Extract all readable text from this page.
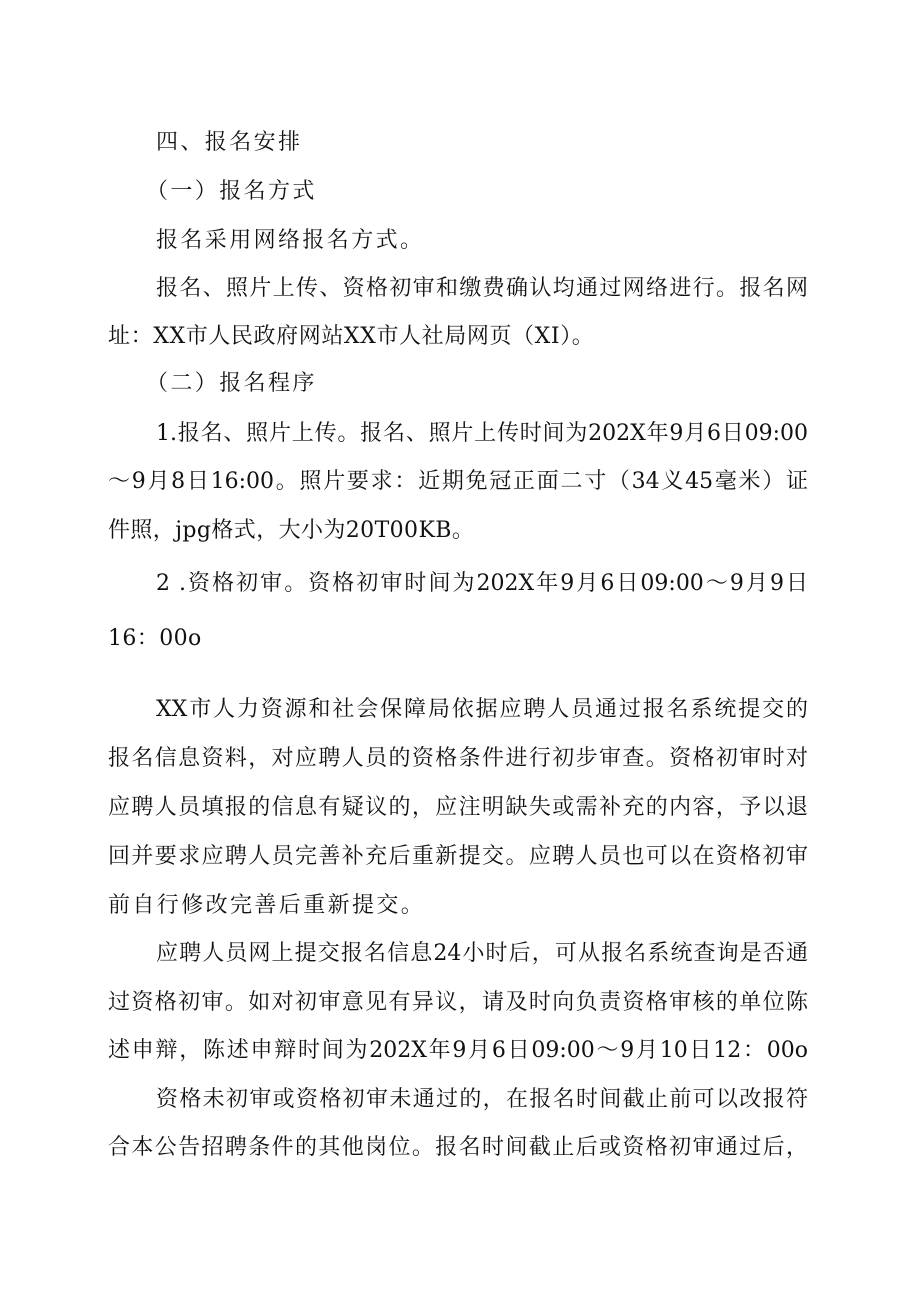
四、报名安排
（一）报名方式
报名采用网络报名方式。
报名、照片上传、资格初审和缴费确认均通过网络进行。报名网
址：XX市人民政府网站XX市人社局网页（XI）。
（二）报名程序
1.报名、照片上传。报名、照片上传时间为202X年9月6日09:00
～9月8日16:00。照片要求：近期免冠正面二寸（34义45毫米）证
件照，jpg格式，大小为20T00KB。
2 .资格初审。资格初审时间为202X年9月6日09:00～9月9日
16：00o
XX市人力资源和社会保障局依据应聘人员通过报名系统提交的
报名信息资料，对应聘人员的资格条件进行初步审查。资格初审时对
应聘人员填报的信息有疑议的，应注明缺失或需补充的内容，予以退
回并要求应聘人员完善补充后重新提交。应聘人员也可以在资格初审
前自行修改完善后重新提交。
应聘人员网上提交报名信息24小时后，可从报名系统查询是否通
过资格初审。如对初审意见有异议，请及时向负责资格审核的单位陈
述申辩，陈述申辩时间为202X年9月6日09:00～9月10日12：00o
资格未初审或资格初审未通过的，在报名时间截止前可以改报符
合本公告招聘条件的其他岗位。报名时间截止后或资格初审通过后，
